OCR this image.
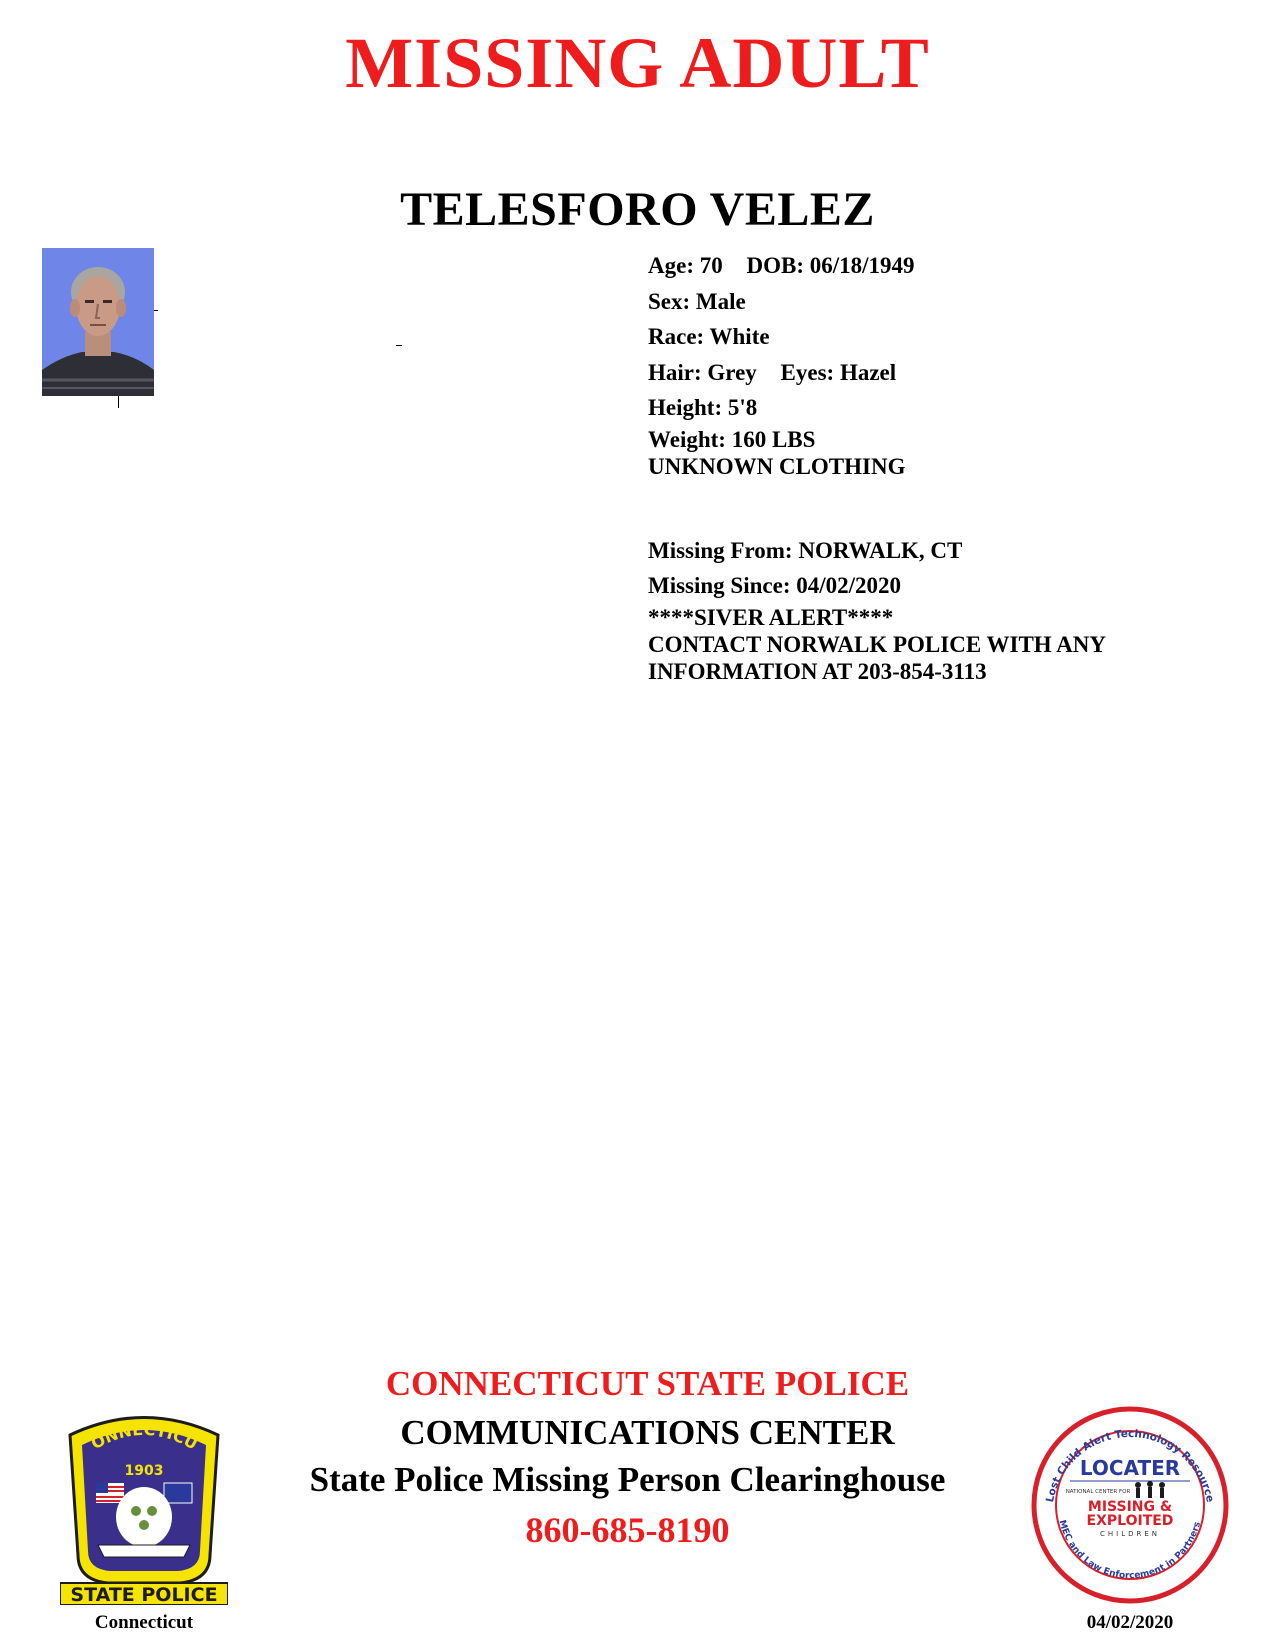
MISSING ADULT
TELESFORO VELEZ
Age: 70 DOB: 06/18/1949
Sex: Male
Race: White
Hair: Grey Eyes: Hazel
Height: 5'8
Weight: 160 LBS
UNKNOWN CLOTHING
Missing From: NORWALK, CT
Missing Since: 04/02/2020
****SIVER ALERT****
CONTACT NORWALK POLICE WITH ANY
INFORMATION AT 203-854-3113
CONNECTICUT STATE POLICE
COMMUNICATIONS CENTER
State Police Missing Person Clearinghouse
860-685-8190
ONNECTICU
1903
STATE POLICE
Connecticut
Lost Child Alert Technology Resource
MEC and Law Enforcement in Partners
LOCATER
NATIONAL CENTER FOR
MISSING &
EXPLOITED
CHILDREN
04/02/2020
